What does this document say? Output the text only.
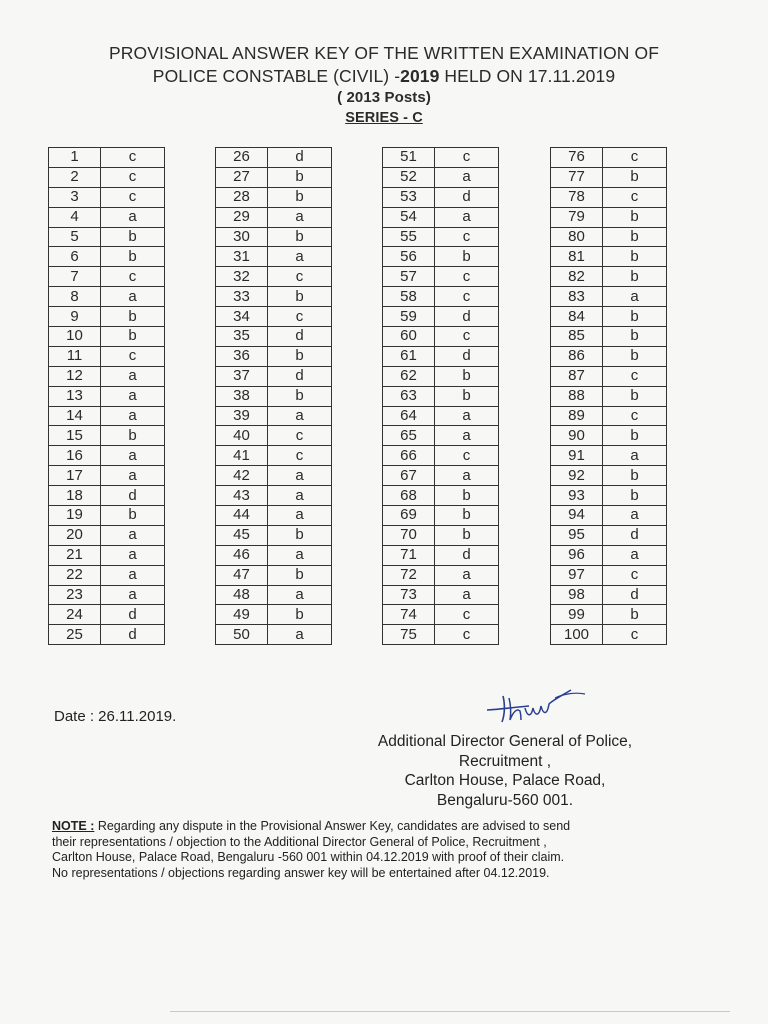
PROVISIONAL ANSWER KEY OF THE WRITTEN EXAMINATION OF
POLICE CONSTABLE (CIVIL) -2019 HELD ON 17.11.2019
( 2013 Posts)
SERIES - C
1	c
2	c
3	c
4	a
5	b
6	b
7	c
8	a
9	b
10	b
11	c
12	a
13	a
14	a
15	b
16	a
17	a
18	d
19	b
20	a
21	a
22	a
23	a
24	d
25	d
26	d
27	b
28	b
29	a
30	b
31	a
32	c
33	b
34	c
35	d
36	b
37	d
38	b
39	a
40	c
41	c
42	a
43	a
44	a
45	b
46	a
47	b
48	a
49	b
50	a
51	c
52	a
53	d
54	a
55	c
56	b
57	c
58	c
59	d
60	c
61	d
62	b
63	b
64	a
65	a
66	c
67	a
68	b
69	b
70	b
71	d
72	a
73	a
74	c
75	c
76	c
77	b
78	c
79	b
80	b
81	b
82	b
83	a
84	b
85	b
86	b
87	c
88	b
89	c
90	b
91	a
92	b
93	b
94	a
95	d
96	a
97	c
98	d
99	b
100	c
Date : 26.11.2019.
Additional Director General of Police,
Recruitment ,
Carlton House, Palace Road,
Bengaluru-560 001.
NOTE : Regarding any dispute in the Provisional Answer Key, candidates are advised to send
their representations / objection to the Additional Director General of Police, Recruitment ,
Carlton House, Palace Road, Bengaluru -560 001 within 04.12.2019 with proof of their claim.
No representations / objections regarding answer key will be entertained after 04.12.2019.
